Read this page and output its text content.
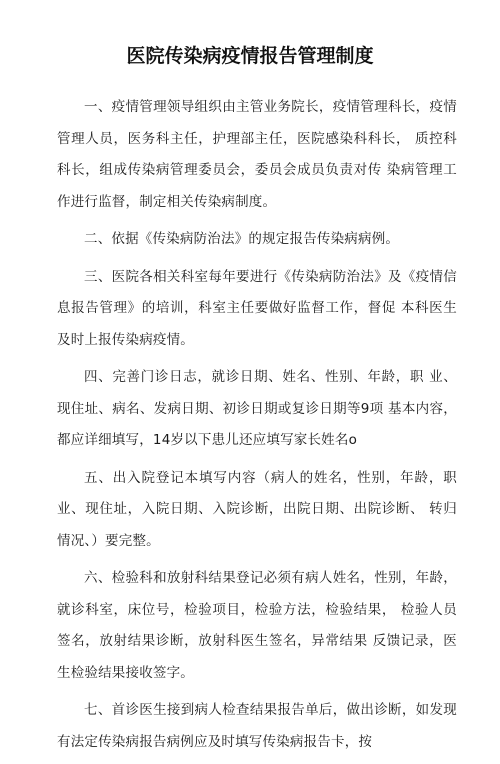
医院传染病疫情报告管理制度

一、疫情管理领导组织由主管业务院长，疫情管理科长，疫情管理人员，医务科主任，护理部主任，医院感染科科长， 质控科科长，组成传染病管理委员会，委员会成员负责对传 染病管理工作进行监督，制定相关传染病制度。

二、依据《传染病防治法》的规定报告传染病病例。

三、医院各相关科室每年要进行《传染病防治法》及《疫情信息报告管理》的培训，科室主任要做好监督工作，督促 本科医生及时上报传染病疫情。

四、完善门诊日志，就诊日期、姓名、性别、年龄，职 业、现住址、病名、发病日期、初诊日期或复诊日期等9项 基本内容，都应详细填写，14岁以下患儿还应填写家长姓名o

五、出入院登记本填写内容（病人的姓名，性别，年龄，职业、现住址，入院日期、入院诊断，出院日期、出院诊断、 转归情况、）要完整。

六、检验科和放射科结果登记必须有病人姓名，性别，年龄，就诊科室，床位号，检验项目，检验方法，检验结果， 检验人员签名，放射结果诊断，放射科医生签名，异常结果 反馈记录，医生检验结果接收签字。

七、首诊医生接到病人检查结果报告单后，做出诊断，如发现有法定传染病报告病例应及时填写传染病报告卡，按
